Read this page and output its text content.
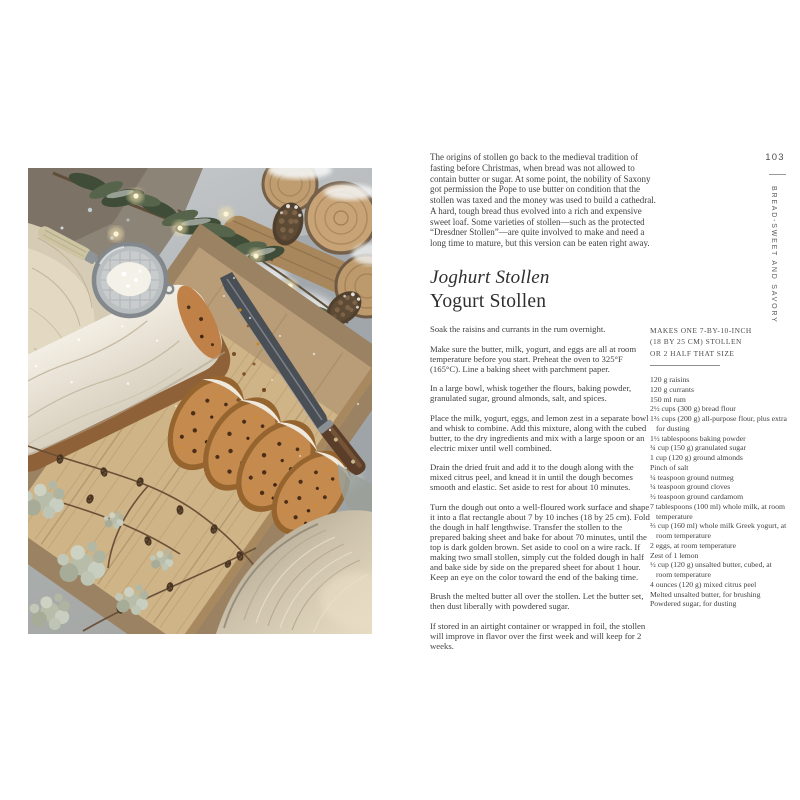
103
BREAD-SWEET AND SAVORY
The origins of stollen go back to the medieval tradition of fasting before Christmas, when bread was not allowed to contain butter or sugar. At some point, the nobility of Saxony got permission the Pope to use butter on condition that the stollen was taxed and the money was used to build a cathedral. A hard, tough bread thus evolved into a rich and expensive sweet loaf. Some varieties of stollen—such as the protected “Dresdner Stollen”—are quite involved to make and need a long time to mature, but this version can be eaten right away.
Joghurt Stollen
Yogurt Stollen

Soak the raisins and currants in the rum overnight.

Make sure the butter, milk, yogurt, and eggs are all at room temperature before you start. Preheat the oven to 325°F (165°C). Line a baking sheet with parchment paper.

In a large bowl, whisk together the flours, baking powder, granulated sugar, ground almonds, salt, and spices.

Place the milk, yogurt, eggs, and lemon zest in a separate bowl and whisk to combine. Add this mixture, along with the cubed butter, to the dry ingredients and mix with a large spoon or an electric mixer until well combined.

Drain the dried fruit and add it to the dough along with the mixed citrus peel, and knead it in until the dough becomes smooth and elastic. Set aside to rest for about 10 minutes.

Turn the dough out onto a well-floured work surface and shape it into a flat rectangle about 7 by 10 inches (18 by 25 cm). Fold the dough in half lengthwise. Transfer the stollen to the prepared baking sheet and bake for about 70 minutes, until the top is dark golden brown. Set aside to cool on a wire rack. If making two small stollen, simply cut the folded dough in half and bake side by side on the prepared sheet for about 1 hour. Keep an eye on the color toward the end of the baking time.

Brush the melted butter all over the stollen. Let the butter set, then dust liberally with powdered sugar.

If stored in an airtight container or wrapped in foil, the stollen will improve in flavor over the first week and will keep for 2 weeks.

MAKES ONE 7-BY-10-INCH
(18 BY 25 CM) STOLLEN
OR 2 HALF THAT SIZE
120 g raisins
120 g currants
150 ml rum
2½ cups (300 g) bread flour
1⅔ cups (200 g) all-purpose flour, plus extra for dusting
1½ tablespoons baking powder
¾ cup (150 g) granulated sugar
1 cup (120 g) ground almonds
Pinch of salt
¼ teaspoon ground nutmeg
¼ teaspoon ground cloves
½ teaspoon ground cardamom
7 tablespoons (100 ml) whole milk, at room temperature
⅔ cup (160 ml) whole milk Greek yogurt, at room temperature
2 eggs, at room temperature
Zest of 1 lemon
½ cup (120 g) unsalted butter, cubed, at room temperature
4 ounces (120 g) mixed citrus peel
Melted unsalted butter, for brushing
Powdered sugar, for dusting
